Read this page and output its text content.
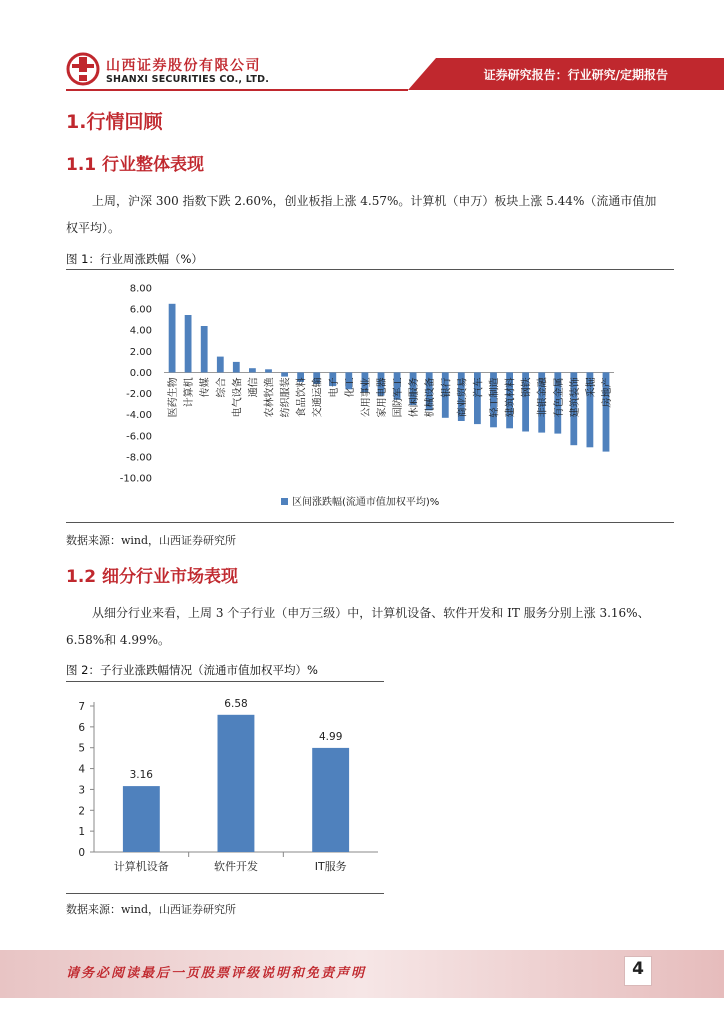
山西证券股份有限公司
SHANXI SECURITIES CO., LTD.	证券研究报告：行业研究/定期报告
1.行情回顾
1.1 行业整体表现
上周，沪深 300 指数下跌 2.60%，创业板指上涨 4.57%。计算机（申万）板块上涨 5.44%（流通市值加权平均）。
图 1：行业周涨跌幅（%）
8.00
6.00
4.00
2.00
0.00
-2.00
-4.00
-6.00
-8.00
-10.00
医药生物 计算机 传媒 综合 电气设备 通信 农林牧渔 纺织服装 食品饮料 交通运输 电子 化工 公用事业 家用电器 国防军工 休闲服务 机械设备 银行 商业贸易 汽车 轻工制造 建筑材料 钢铁 非银金融 有色金属 建筑装饰 采掘 房地产
区间涨跌幅(流通市值加权平均)%
数据来源：wind，山西证券研究所
1.2 细分行业市场表现
从细分行业来看，上周 3 个子行业（申万三级）中，计算机设备、软件开发和 IT 服务分别上涨 3.16%、6.58%和 4.99%。
图 2：子行业涨跌幅情况（流通市值加权平均）%
0
1
2
3
4
5
6
7
计算机设备	软件开发	IT服务
3.16
6.58
4.99
数据来源：wind，山西证券研究所
请务必阅读最后一页股票评级说明和免责声明	4
